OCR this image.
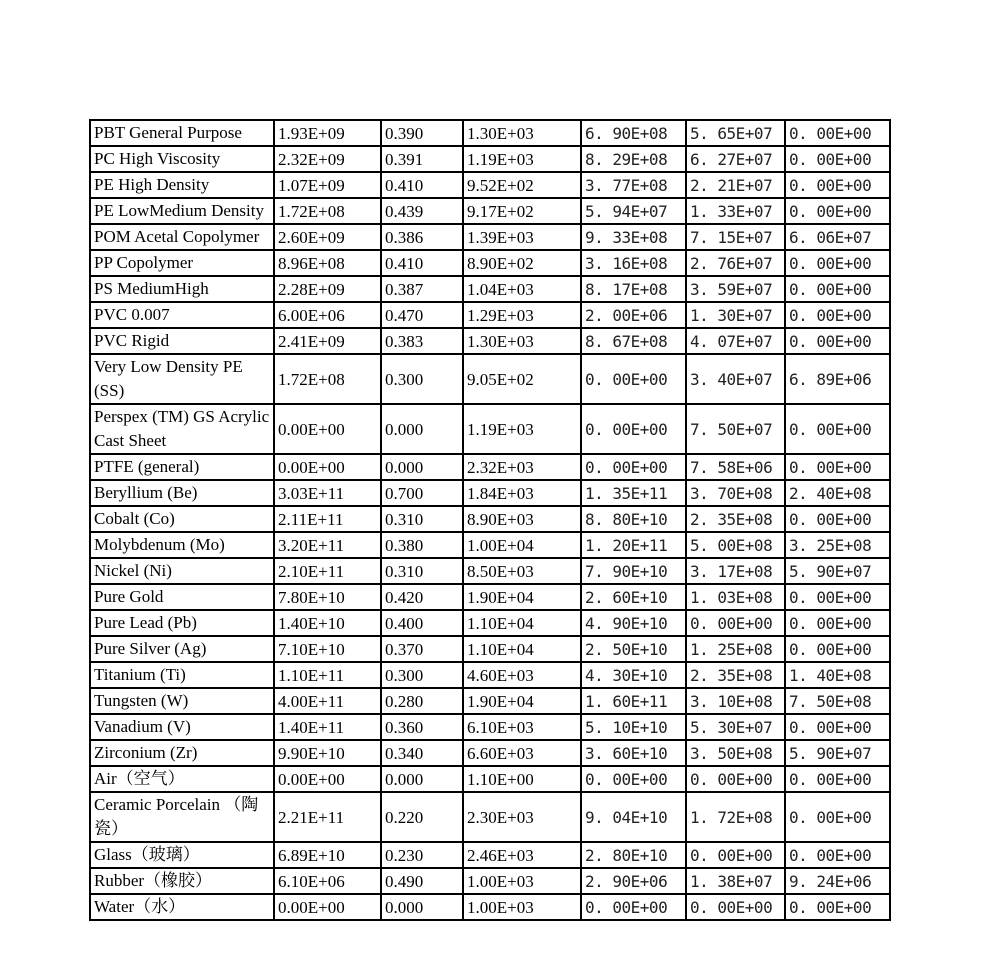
PBT General Purpose	1.93E+09	0.390	1.30E+03	6. 90E+08	5. 65E+07	0. 00E+00
PC High Viscosity	2.32E+09	0.391	1.19E+03	8. 29E+08	6. 27E+07	0. 00E+00
PE High Density	1.07E+09	0.410	9.52E+02	3. 77E+08	2. 21E+07	0. 00E+00
PE LowMedium Density	1.72E+08	0.439	9.17E+02	5. 94E+07	1. 33E+07	0. 00E+00
POM Acetal Copolymer	2.60E+09	0.386	1.39E+03	9. 33E+08	7. 15E+07	6. 06E+07
PP Copolymer	8.96E+08	0.410	8.90E+02	3. 16E+08	2. 76E+07	0. 00E+00
PS MediumHigh	2.28E+09	0.387	1.04E+03	8. 17E+08	3. 59E+07	0. 00E+00
PVC 0.007	6.00E+06	0.470	1.29E+03	2. 00E+06	1. 30E+07	0. 00E+00
PVC Rigid	2.41E+09	0.383	1.30E+03	8. 67E+08	4. 07E+07	0. 00E+00
Very Low Density PE (SS)	1.72E+08	0.300	9.05E+02	0. 00E+00	3. 40E+07	6. 89E+06
Perspex (TM) GS Acrylic Cast Sheet	0.00E+00	0.000	1.19E+03	0. 00E+00	7. 50E+07	0. 00E+00
PTFE (general)	0.00E+00	0.000	2.32E+03	0. 00E+00	7. 58E+06	0. 00E+00
Beryllium (Be)	3.03E+11	0.700	1.84E+03	1. 35E+11	3. 70E+08	2. 40E+08
Cobalt (Co)	2.11E+11	0.310	8.90E+03	8. 80E+10	2. 35E+08	0. 00E+00
Molybdenum (Mo)	3.20E+11	0.380	1.00E+04	1. 20E+11	5. 00E+08	3. 25E+08
Nickel (Ni)	2.10E+11	0.310	8.50E+03	7. 90E+10	3. 17E+08	5. 90E+07
Pure Gold	7.80E+10	0.420	1.90E+04	2. 60E+10	1. 03E+08	0. 00E+00
Pure Lead (Pb)	1.40E+10	0.400	1.10E+04	4. 90E+10	0. 00E+00	0. 00E+00
Pure Silver (Ag)	7.10E+10	0.370	1.10E+04	2. 50E+10	1. 25E+08	0. 00E+00
Titanium (Ti)	1.10E+11	0.300	4.60E+03	4. 30E+10	2. 35E+08	1. 40E+08
Tungsten (W)	4.00E+11	0.280	1.90E+04	1. 60E+11	3. 10E+08	7. 50E+08
Vanadium (V)	1.40E+11	0.360	6.10E+03	5. 10E+10	5. 30E+07	0. 00E+00
Zirconium (Zr)	9.90E+10	0.340	6.60E+03	3. 60E+10	3. 50E+08	5. 90E+07
Air（空气）	0.00E+00	0.000	1.10E+00	0. 00E+00	0. 00E+00	0. 00E+00
Ceramic Porcelain （陶瓷）	2.21E+11	0.220	2.30E+03	9. 04E+10	1. 72E+08	0. 00E+00
Glass（玻璃）	6.89E+10	0.230	2.46E+03	2. 80E+10	0. 00E+00	0. 00E+00
Rubber（橡胶）	6.10E+06	0.490	1.00E+03	2. 90E+06	1. 38E+07	9. 24E+06
Water（水）	0.00E+00	0.000	1.00E+03	0. 00E+00	0. 00E+00	0. 00E+00
